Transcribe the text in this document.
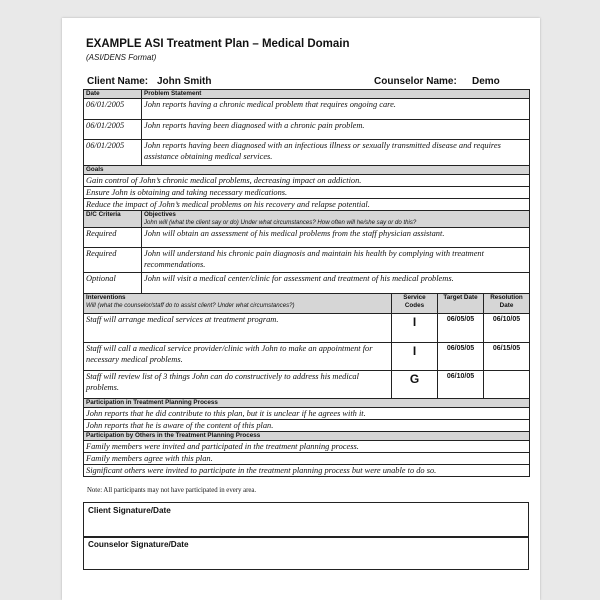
EXAMPLE ASI Treatment Plan – Medical Domain
(ASI/DENS Format)
Client Name: John Smith	Counselor Name: Demo
Date	Problem Statement			
06/01/2005	John reports having a chronic medical problem that requires ongoing care.			
06/01/2005	John reports having been diagnosed with a chronic pain problem.			
06/01/2005	John reports having been diagnosed with an infectious illness or sexually transmitted disease and requires assistance obtaining medical services.			
Goals				
Gain control of John’s chronic medical problems, decreasing impact on addiction.				
Ensure John is obtaining and taking necessary medications.				
Reduce the impact of John’s medical problems on his recovery and relapse potential.				
D/C Criteria	Objectives
John will (what the client say or do) Under what circumstances? How often will he/she say or do this?			

Required	John will obtain an assessment of his medical problems from the staff physician assistant.			
Required	John will understand his chronic pain diagnosis and maintain his health by complying with treatment recommendations.			
Optional	John will visit a medical center/clinic for assessment and treatment of his medical problems.			

Interventions
Will (what the counselor/staff do to assist client? Under what circumstances?)		Service Codes	Target Date	Resolution Date
Staff will arrange medical services at treatment program.		I	06/05/05	06/10/05
Staff will call a medical service provider/clinic with John to make an appointment for necessary medical problems.		I	06/05/05	06/15/05
Staff will review list of 3 things John can do constructively to address his medical problems.		G	06/10/05	
Participation in Treatment Planning Process				
John reports that he did contribute to this plan, but it is unclear if he agrees with it.				
John reports that he is aware of the content of this plan.				
Participation by Others in the Treatment Planning Process				
Family members were invited and participated in the treatment planning process.				
Family members agree with this plan.				
Significant others were invited to participate in the treatment planning process but were unable to do so.				
Note: All participants may not have participated in every area.
Client Signature/Date
Counselor Signature/Date
